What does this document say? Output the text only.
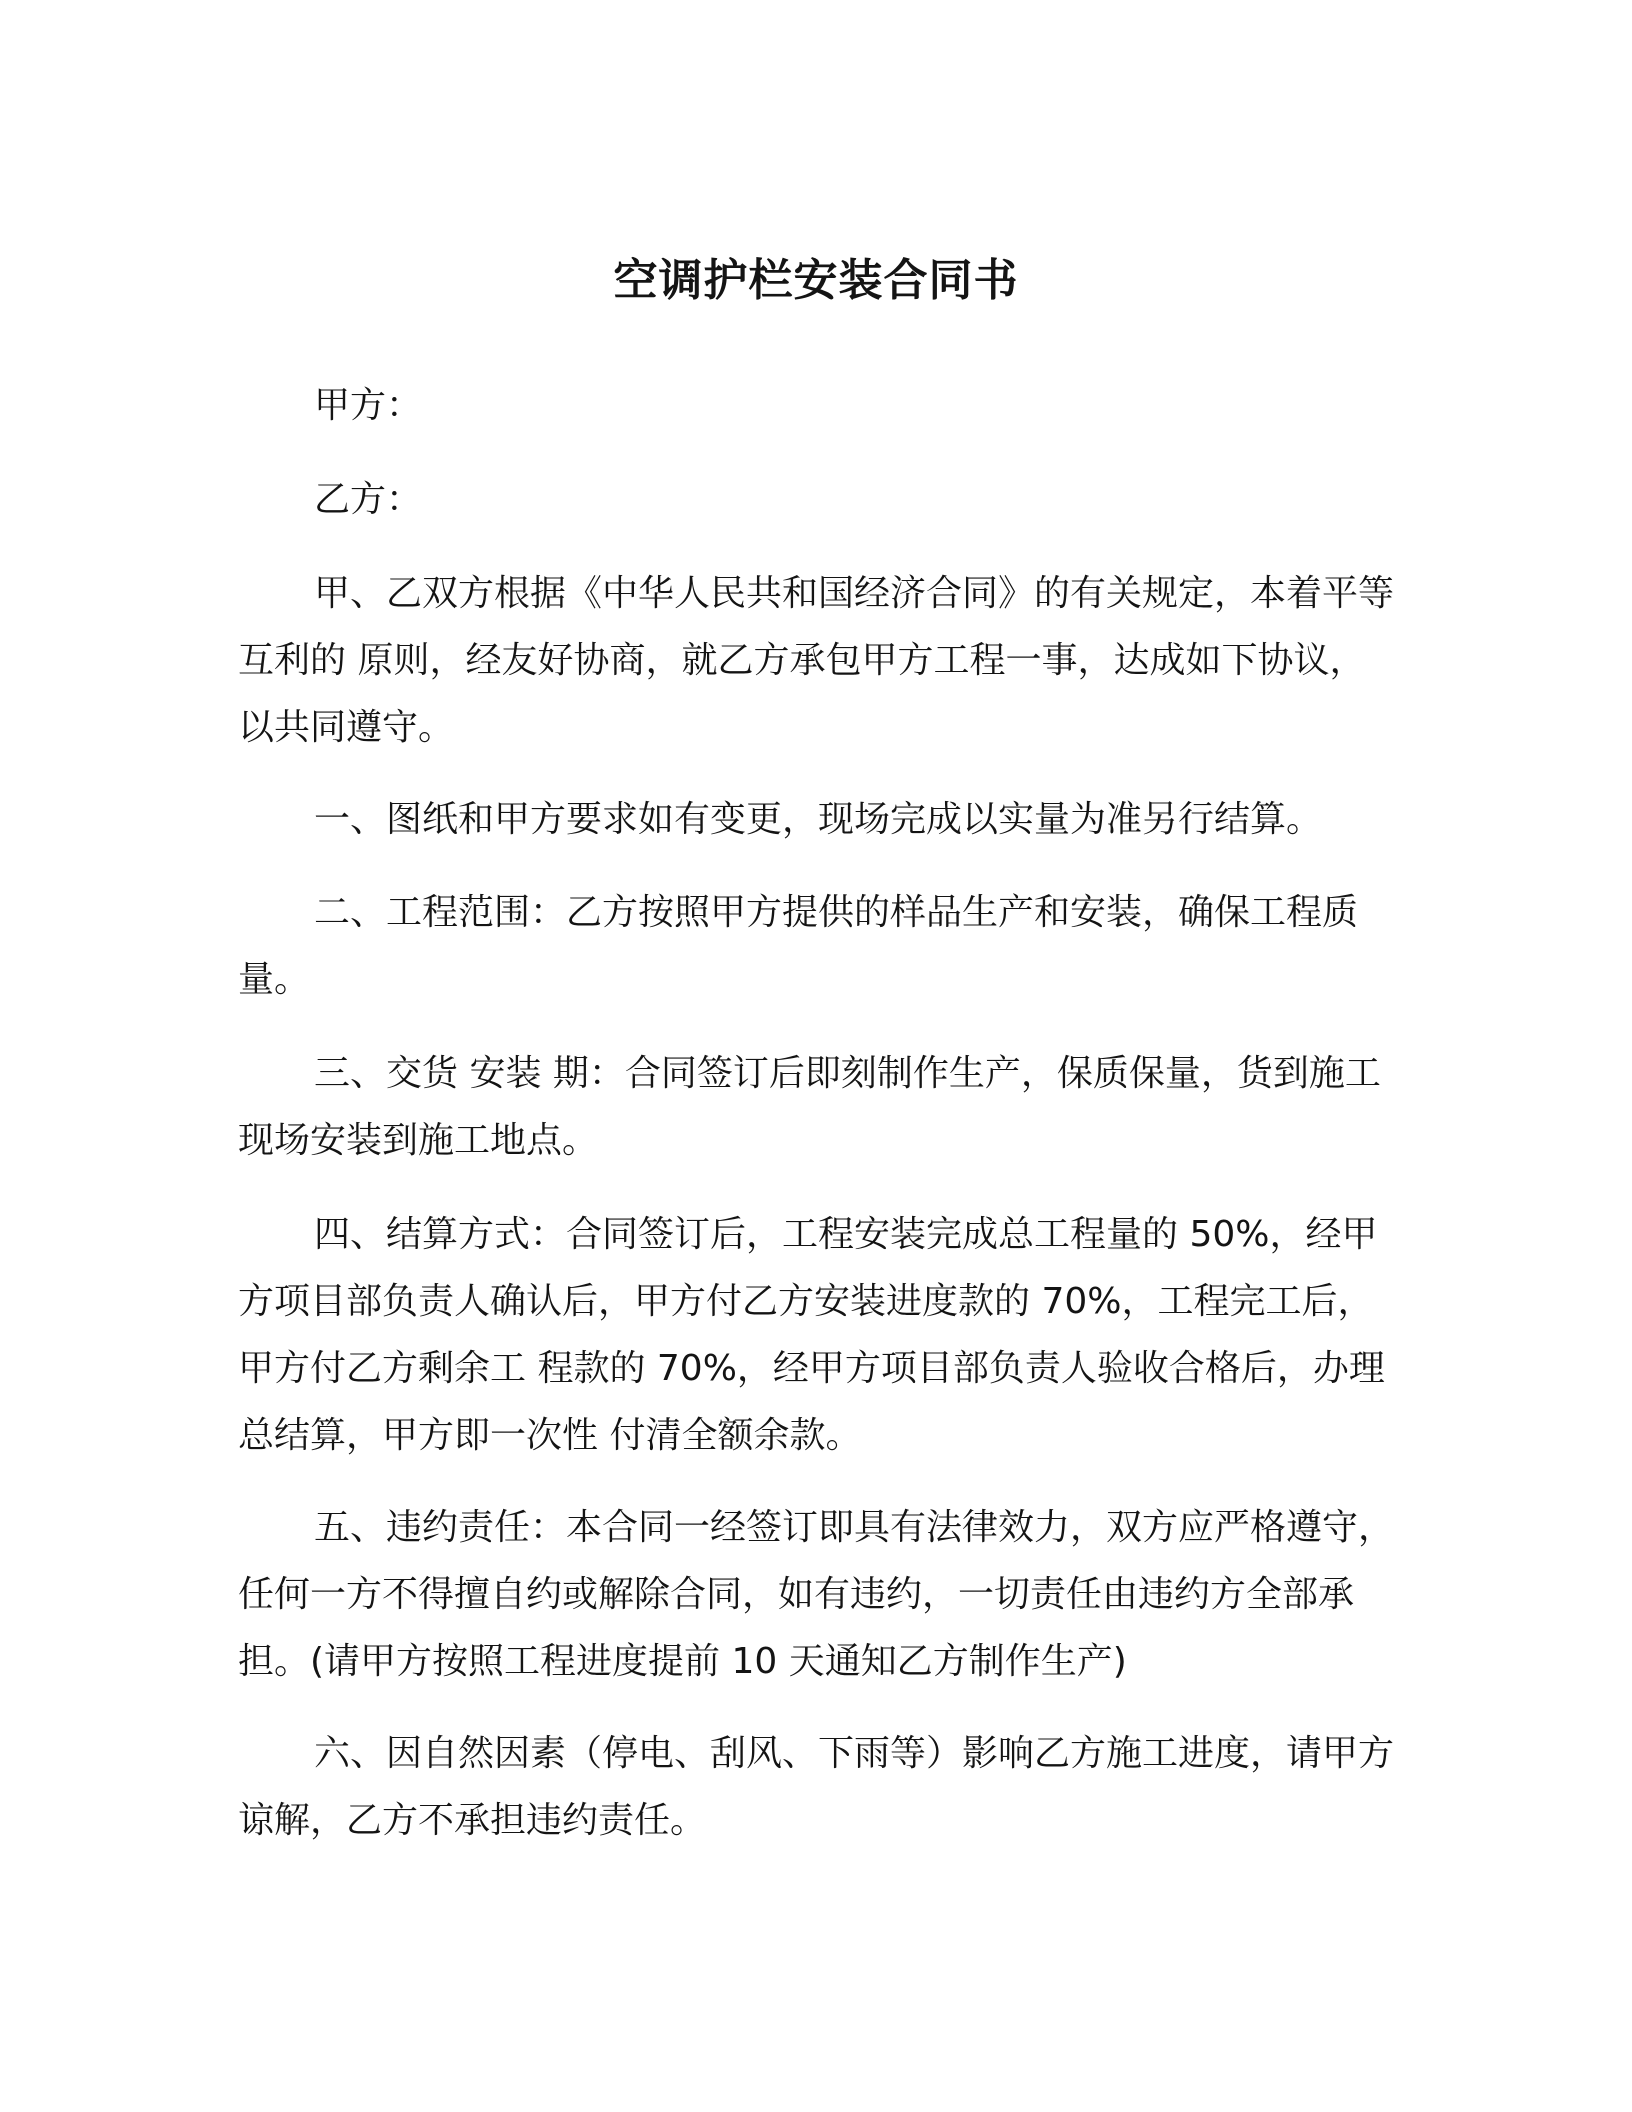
空调护栏安装合同书

甲方：

乙方：

甲、乙双方根据《中华人民共和国经济合同》的有关规定，本着平等互利的 原则，经友好协商，就乙方承包甲方工程一事，达成如下协议，以共同遵守。

一、图纸和甲方要求如有变更，现场完成以实量为准另行结算。

二、工程范围：乙方按照甲方提供的样品生产和安装，确保工程质量。

三、交货 安装 期：合同签订后即刻制作生产，保质保量，货到施工现场安装到施工地点。

四、结算方式：合同签订后，工程安装完成总工程量的 50%，经甲方项目部负责人确认后，甲方付乙方安装进度款的 70%，工程完工后，甲方付乙方剩余工 程款的 70%，经甲方项目部负责人验收合格后，办理总结算，甲方即一次性 付清全额余款。

五、违约责任：本合同一经签订即具有法律效力，双方应严格遵守，任何一方不得擅自约或解除合同，如有违约，一切责任由违约方全部承担。(请甲方按照工程进度提前 10 天通知乙方制作生产)

六、因自然因素（停电、刮风、下雨等）影响乙方施工进度，请甲方谅解，乙方不承担违约责任。
